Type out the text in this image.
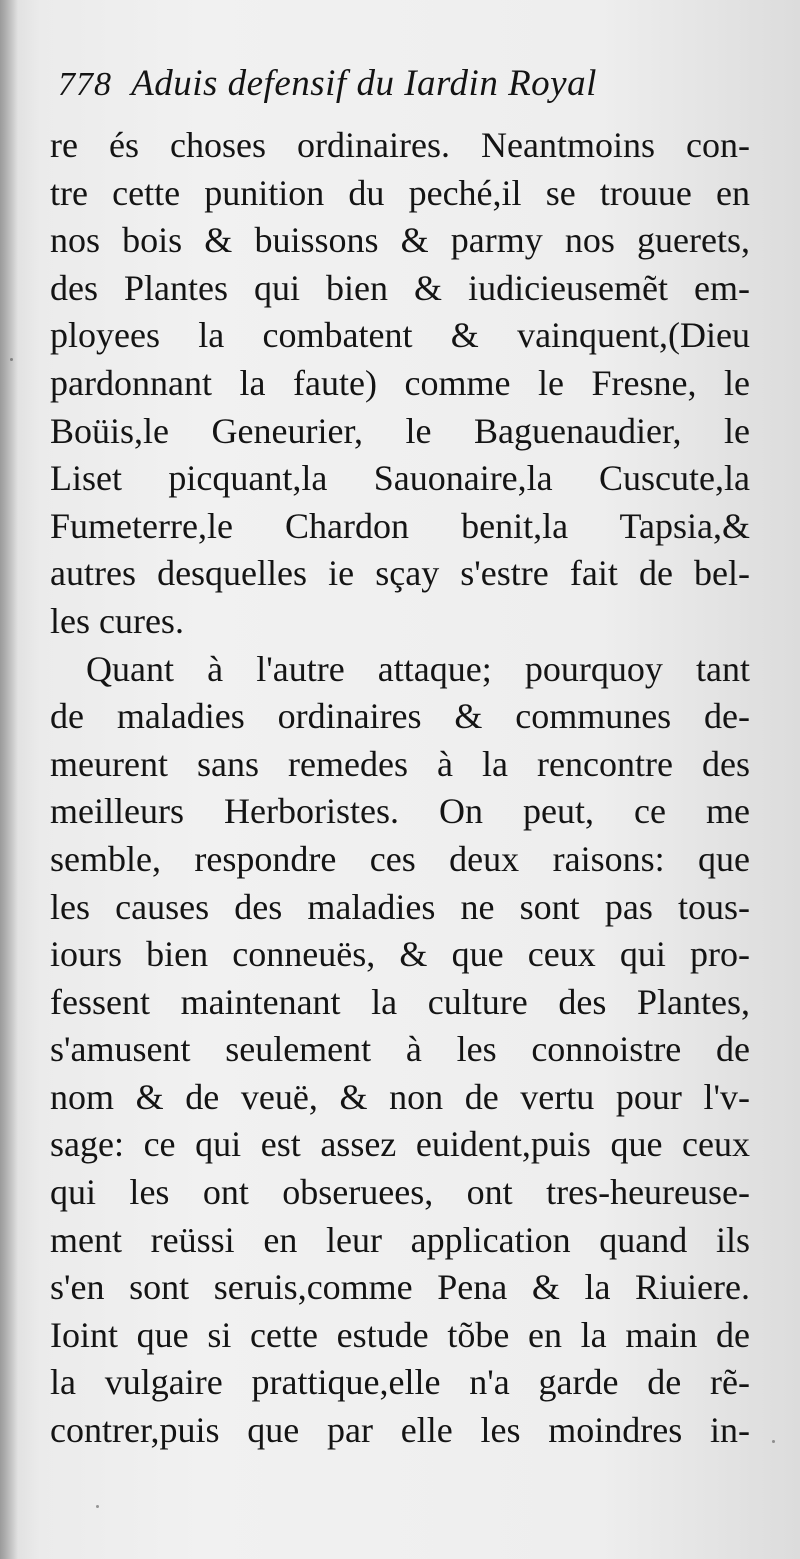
778 Aduis defensif du Iardin Royal
re és choses ordinaires. Neantmoins con-
tre cette punition du peché,il se trouue en
nos bois & buissons & parmy nos guerets,
des Plantes qui bien & iudicieusemẽt em-
ployees la combatent & vainquent,(Dieu
pardonnant la faute) comme le Fresne, le
Boüis,le Geneurier, le Baguenaudier, le
Liset picquant,la Sauonaire,la Cuscute,la
Fumeterre,le Chardon benit,la Tapsia,&
autres desquelles ie sçay s'estre fait de bel-
les cures.
Quant à l'autre attaque; pourquoy tant
de maladies ordinaires & communes de-
meurent sans remedes à la rencontre des
meilleurs Herboristes. On peut, ce me
semble, respondre ces deux raisons: que
les causes des maladies ne sont pas tous-
iours bien conneuës, & que ceux qui pro-
fessent maintenant la culture des Plantes,
s'amusent seulement à les connoistre de
nom & de veuë, & non de vertu pour l'v-
sage: ce qui est assez euident,puis que ceux
qui les ont obseruees, ont tres-heureuse-
ment reüssi en leur application quand ils
s'en sont seruis,comme Pena & la Riuiere.
Ioint que si cette estude tõbe en la main de
la vulgaire prattique,elle n'a garde de rẽ-
contrer,puis que par elle les moindres in-
